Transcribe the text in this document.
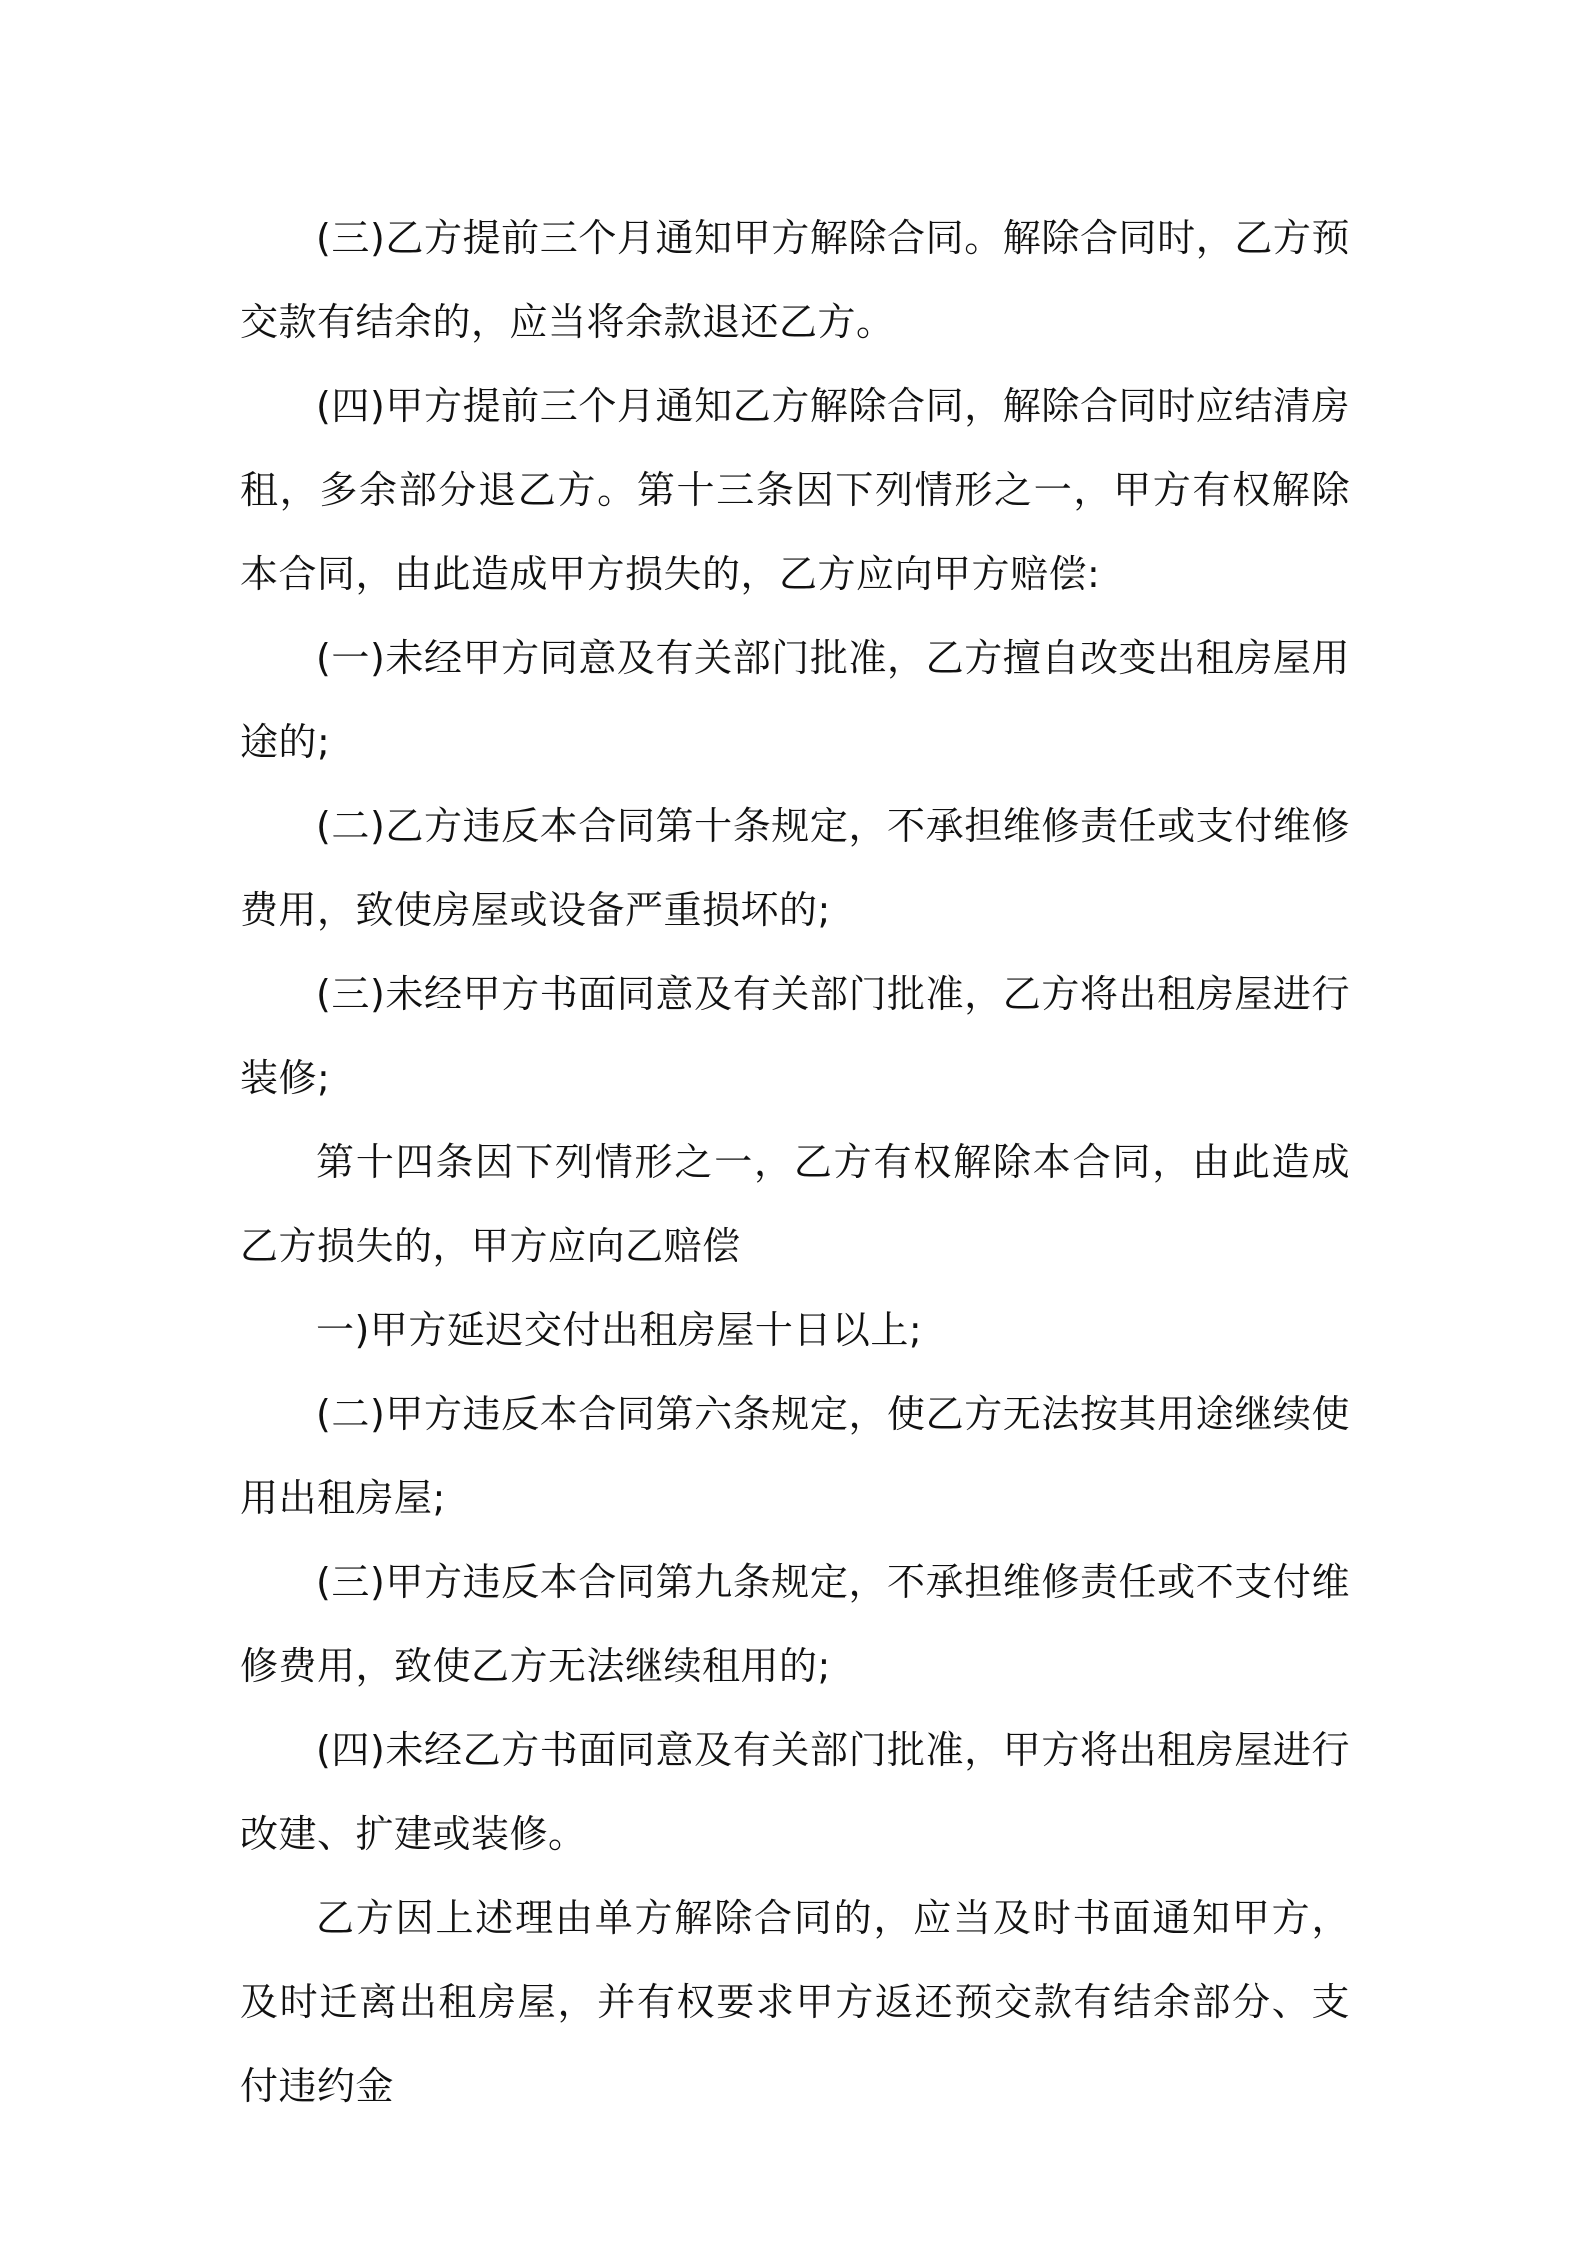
(三)乙方提前三个月通知甲方解除合同。解除合同时，乙方预交款有结余的，应当将余款退还乙方。

(四)甲方提前三个月通知乙方解除合同，解除合同时应结清房租，多余部分退乙方。第十三条因下列情形之一，甲方有权解除本合同，由此造成甲方损失的，乙方应向甲方赔偿:

(一)未经甲方同意及有关部门批准，乙方擅自改变出租房屋用途的;

(二)乙方违反本合同第十条规定，不承担维修责任或支付维修费用，致使房屋或设备严重损坏的;

(三)未经甲方书面同意及有关部门批准，乙方将出租房屋进行装修;

第十四条因下列情形之一，乙方有权解除本合同，由此造成乙方损失的，甲方应向乙赔偿

一)甲方延迟交付出租房屋十日以上;

(二)甲方违反本合同第六条规定，使乙方无法按其用途继续使用出租房屋;

(三)甲方违反本合同第九条规定，不承担维修责任或不支付维修费用，致使乙方无法继续租用的;

(四)未经乙方书面同意及有关部门批准，甲方将出租房屋进行改建、扩建或装修。

乙方因上述理由单方解除合同的，应当及时书面通知甲方，及时迁离出租房屋，并有权要求甲方返还预交款有结余部分、支付违约金
